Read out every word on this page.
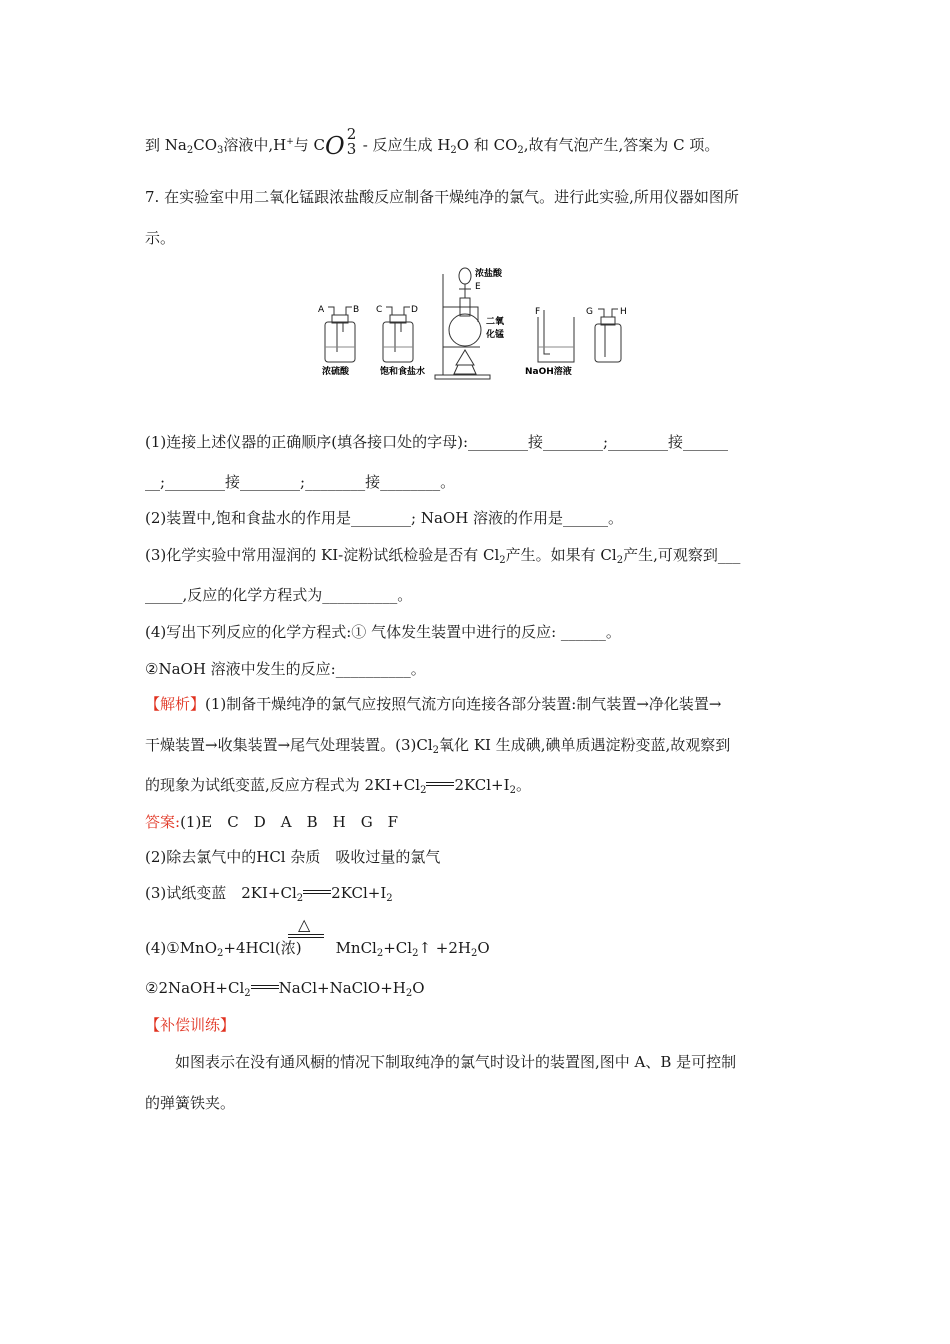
到 $Na_2CO_3$溶液中,H+与 CO 2
3 - 反应生成 $H_2O$ 和 $CO_2$,故有气泡产生,答案为 C 项。
7. 在实验室中用二氧化锰跟浓盐酸反应制备干燥纯净的氯气。进行此实验,所用仪器如图所
示。
A	B C	D
浓盐酸
E
二氧
化锰
F	G	H
浓硫酸	饱和食盐水	NaOH溶液
(1)连接上述仪器的正确顺序(填各接口处的字母):________接________;________接______
__;________接________;________接________。
(2)装置中,饱和食盐水的作用是________; NaOH 溶液的作用是______。
(3)化学实验中常用湿润的 KI-淀粉试纸检验是否有 $Cl_2$产生。如果有 $Cl_2$产生,可观察到___
_____,反应的化学方程式为__________。
(4)写出下列反应的化学方程式:① 气体发生装置中进行的反应: ______。
②NaOH 溶液中发生的反应:__________。
【解析】(1)制备干燥纯净的氯气应按照气流方向连接各部分装置:制气装置→净化装置→
干燥装置→收集装置→尾气处理装置。$(3)Cl_2$氧化 KI 生成碘,碘单质遇淀粉变蓝,故观察到
的现象为试纸变蓝,反应方程式为 $2KI+Cl_2$ $2KCl+I_2$。
答案:(1)E　C　D　A　B　H　G　F
(2)除去氯气中的HCl 杂质　吸收过量的氯气
(3)试纸变蓝　$2KI+Cl_2$ $2KCl+I_2$
△
(4)①MnO$_2$+4HCl(浓) $MnCl_2+Cl_2↑ +2H_2O$
$②2NaOH+Cl_2$ $NaCl+NaClO+H_2O$
【补偿训练】
如图表示在没有通风橱的情况下制取纯净的氯气时设计的装置图,图中 A、B 是可控制
的弹簧铁夹。
